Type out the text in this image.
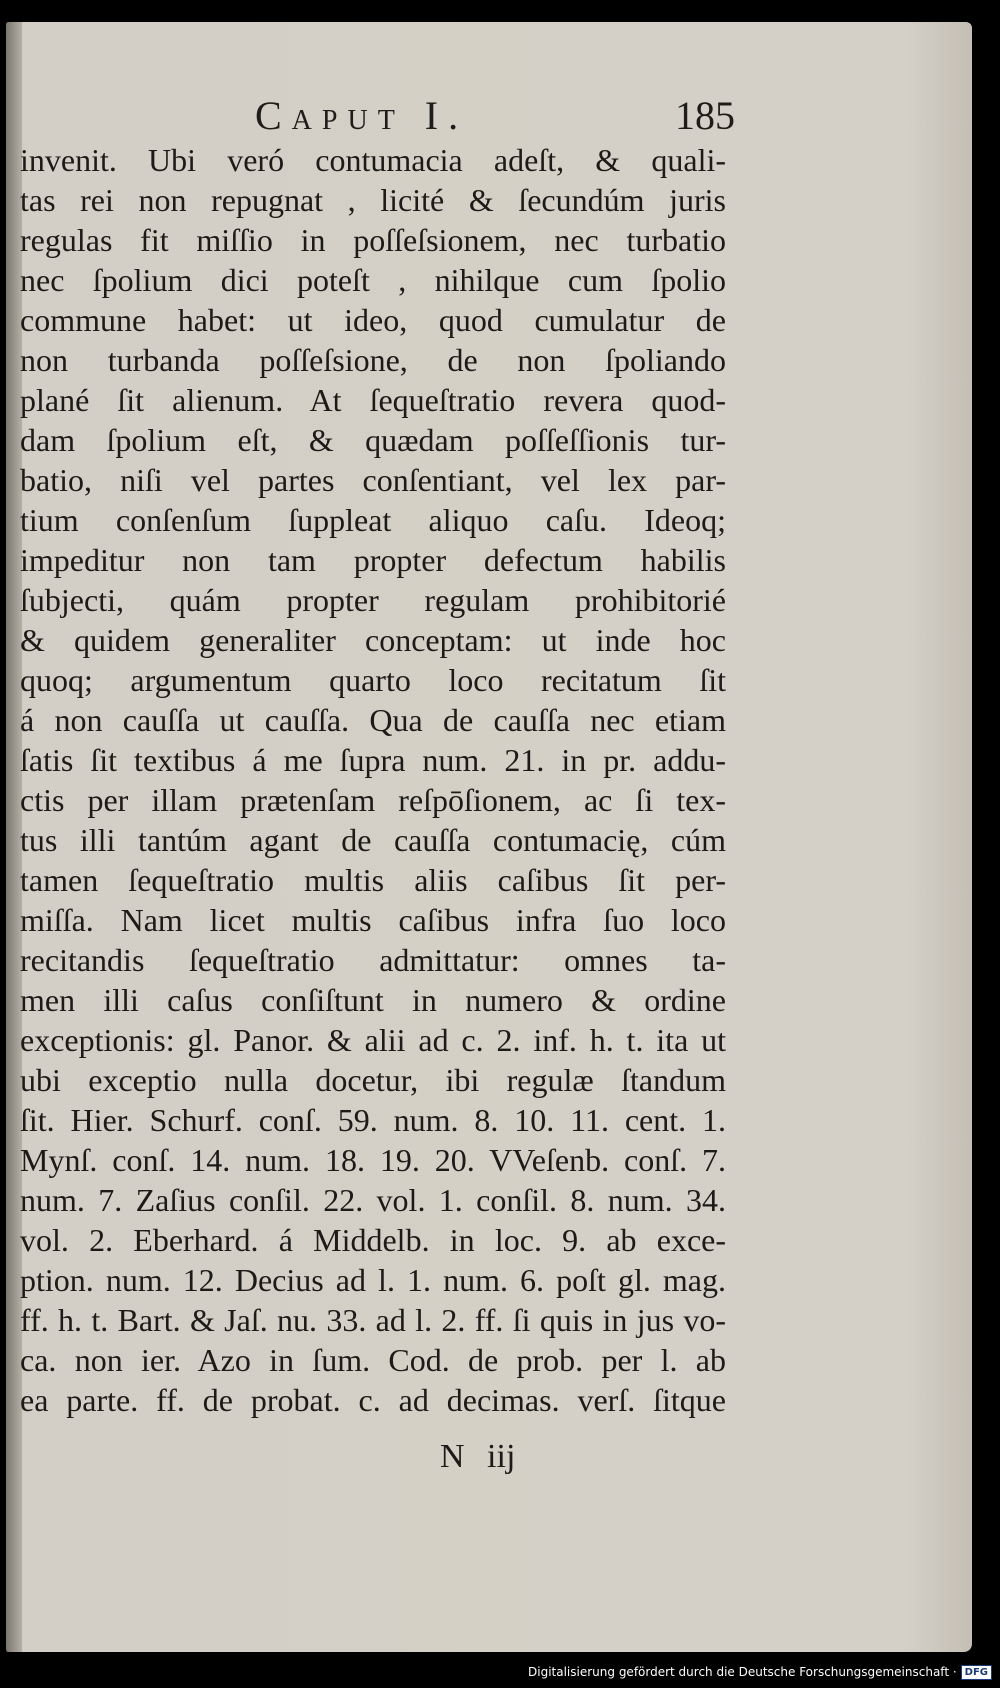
Caput I.	185
invenit. Ubi veró contumacia adeſt, & quali-
tas rei non repugnat , licité & ſecundúm juris
regulas fit miſſio in poſſeſsionem, nec turbatio
nec ſpolium dici poteſt , nihilque cum ſpolio
commune habet: ut ideo, quod cumulatur de
non turbanda poſſeſsione, de non ſpoliando
plané ſit alienum. At ſequeſtratio revera quod-
dam ſpolium eſt, & quædam poſſeſſionis tur-
batio, niſi vel partes conſentiant, vel lex par-
tium conſenſum ſuppleat aliquo caſu. Ideoq;
impeditur non tam propter defectum habilis
ſubjecti, quám propter regulam prohibitorié
& quidem generaliter conceptam: ut inde hoc
quoq; argumentum quarto loco recitatum ſit
á non cauſſa ut cauſſa. Qua de cauſſa nec etiam
ſatis ſit textibus á me ſupra num. 21. in pr. addu-
ctis per illam prætenſam reſpōſionem, ac ſi tex-
tus illi tantúm agant de cauſſa contumacię, cúm
tamen ſequeſtratio multis aliis caſibus ſit per-
miſſa. Nam licet multis caſibus infra ſuo loco
recitandis ſequeſtratio admittatur: omnes ta-
men illi caſus conſiſtunt in numero & ordine
exceptionis: gl. Panor. & alii ad c. 2. inf. h. t. ita ut
ubi exceptio nulla docetur, ibi regulæ ſtandum
ſit. Hier. Schurf. conſ. 59. num. 8. 10. 11. cent. 1.
Mynſ. conſ. 14. num. 18. 19. 20. VVeſenb. conſ. 7.
num. 7. Zaſius conſil. 22. vol. 1. conſil. 8. num. 34.
vol. 2. Eberhard. á Middelb. in loc. 9. ab exce-
ption. num. 12. Decius ad l. 1. num. 6. poſt gl. mag.
ff. h. t. Bart. & Jaſ. nu. 33. ad l. 2. ff. ſi quis in jus vo-
ca. non ier. Azo in ſum. Cod. de prob. per l. ab
ea parte. ff. de probat. c. ad decimas. verſ. ſitque
N iij
Digitalisierung gefördert durch die Deutsche Forschungsgemeinschaft · DFG
